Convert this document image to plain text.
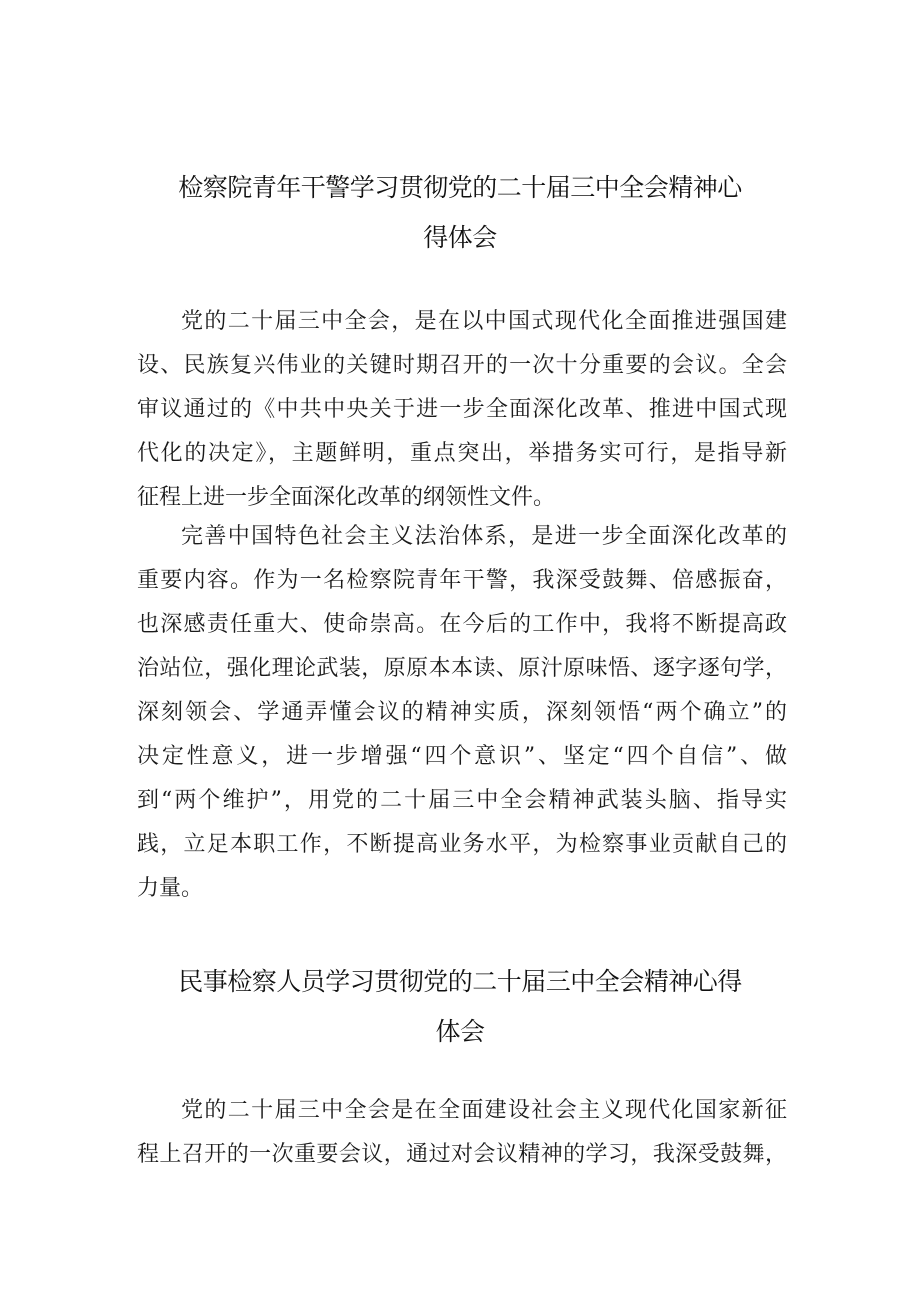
检察院青年干警学习贯彻党的二十届三中全会精神心
得体会
党的二十届三中全会，是在以中国式现代化全面推进强国建
设、民族复兴伟业的关键时期召开的一次十分重要的会议。全会
审议通过的《中共中央关于进一步全面深化改革、推进中国式现
代化的决定》，主题鲜明，重点突出，举措务实可行，是指导新
征程上进一步全面深化改革的纲领性文件。
完善中国特色社会主义法治体系，是进一步全面深化改革的
重要内容。作为一名检察院青年干警，我深受鼓舞、倍感振奋，
也深感责任重大、使命崇高。在今后的工作中，我将不断提高政
治站位，强化理论武装，原原本本读、原汁原味悟、逐字逐句学，
深刻领会、学通弄懂会议的精神实质，深刻领悟“两个确立”的
决定性意义，进一步增强“四个意识”、坚定“四个自信”、做
到“两个维护”，用党的二十届三中全会精神武装头脑、指导实
践，立足本职工作，不断提高业务水平，为检察事业贡献自己的
力量。
民事检察人员学习贯彻党的二十届三中全会精神心得
体会
党的二十届三中全会是在全面建设社会主义现代化国家新征
程上召开的一次重要会议，通过对会议精神的学习，我深受鼓舞，
